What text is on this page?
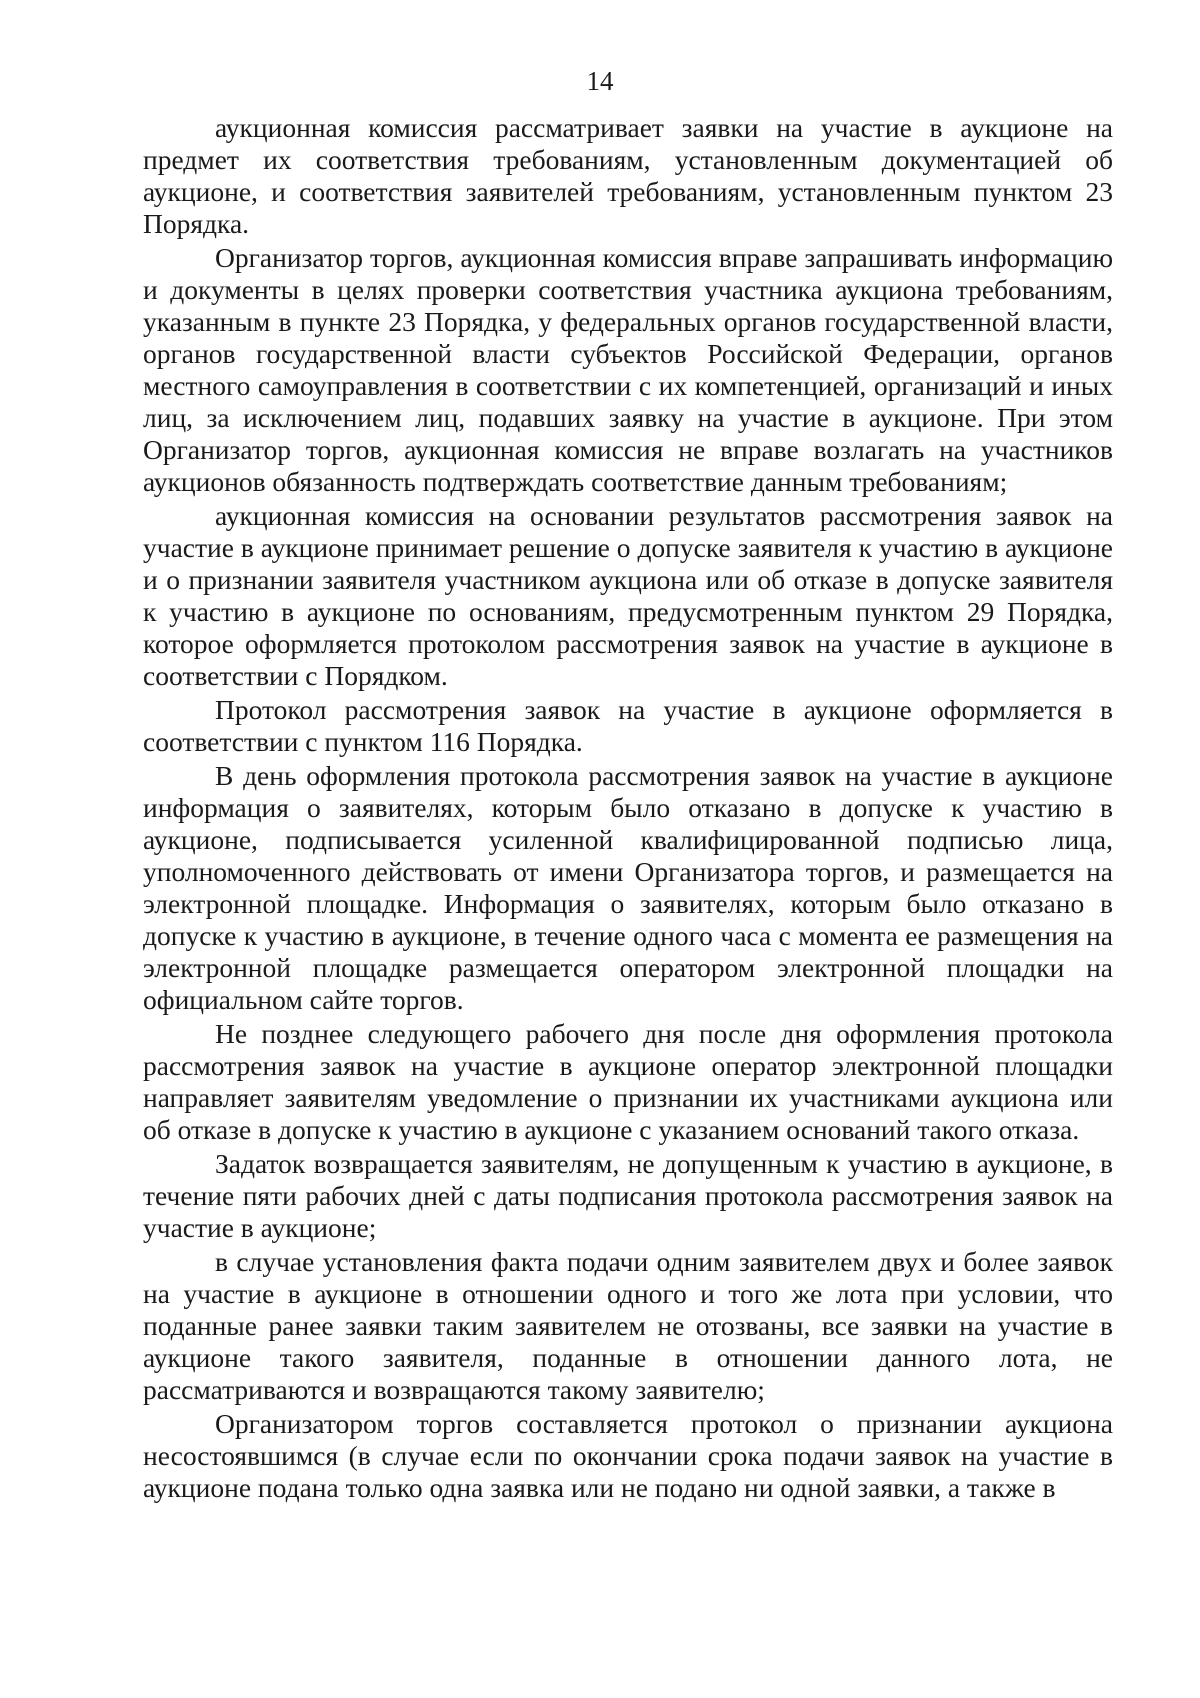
14

аукционная комиссия рассматривает заявки на участие в аукционе на предмет их соответствия требованиям, установленным документацией об аукционе, и соответствия заявителей требованиям, установленным пунктом 23 Порядка.

Организатор торгов, аукционная комиссия вправе запрашивать информацию и документы в целях проверки соответствия участника аукциона требованиям, указанным в пункте 23 Порядка, у федеральных органов государственной власти, органов государственной власти субъектов Российской Федерации, органов местного самоуправления в соответствии с их компетенцией, организаций и иных лиц, за исключением лиц, подавших заявку на участие в аукционе. При этом Организатор торгов, аукционная комиссия не вправе возлагать на участников аукционов обязанность подтверждать соответствие данным требованиям;

аукционная комиссия на основании результатов рассмотрения заявок на участие в аукционе принимает решение о допуске заявителя к участию в аукционе и о признании заявителя участником аукциона или об отказе в допуске заявителя к участию в аукционе по основаниям, предусмотренным пунктом 29 Порядка, которое оформляется протоколом рассмотрения заявок на участие в аукционе в соответствии с Порядком.

Протокол рассмотрения заявок на участие в аукционе оформляется в соответствии с пунктом 116 Порядка.

В день оформления протокола рассмотрения заявок на участие в аукционе информация о заявителях, которым было отказано в допуске к участию в аукционе, подписывается усиленной квалифицированной подписью лица, уполномоченного действовать от имени Организатора торгов, и размещается на электронной площадке. Информация о заявителях, которым было отказано в допуске к участию в аукционе, в течение одного часа с момента ее размещения на электронной площадке размещается оператором электронной площадки на официальном сайте торгов.

Не позднее следующего рабочего дня после дня оформления протокола рассмотрения заявок на участие в аукционе оператор электронной площадки направляет заявителям уведомление о признании их участниками аукциона или об отказе в допуске к участию в аукционе с указанием оснований такого отказа.

Задаток возвращается заявителям, не допущенным к участию в аукционе, в течение пяти рабочих дней с даты подписания протокола рассмотрения заявок на участие в аукционе;

в случае установления факта подачи одним заявителем двух и более заявок на участие в аукционе в отношении одного и того же лота при условии, что поданные ранее заявки таким заявителем не отозваны, все заявки на участие в аукционе такого заявителя, поданные в отношении данного лота, не рассматриваются и возвращаются такому заявителю;

Организатором торгов составляется протокол о признании аукциона несостоявшимся (в случае если по окончании срока подачи заявок на участие в аукционе подана только одна заявка или не подано ни одной заявки, а также в
